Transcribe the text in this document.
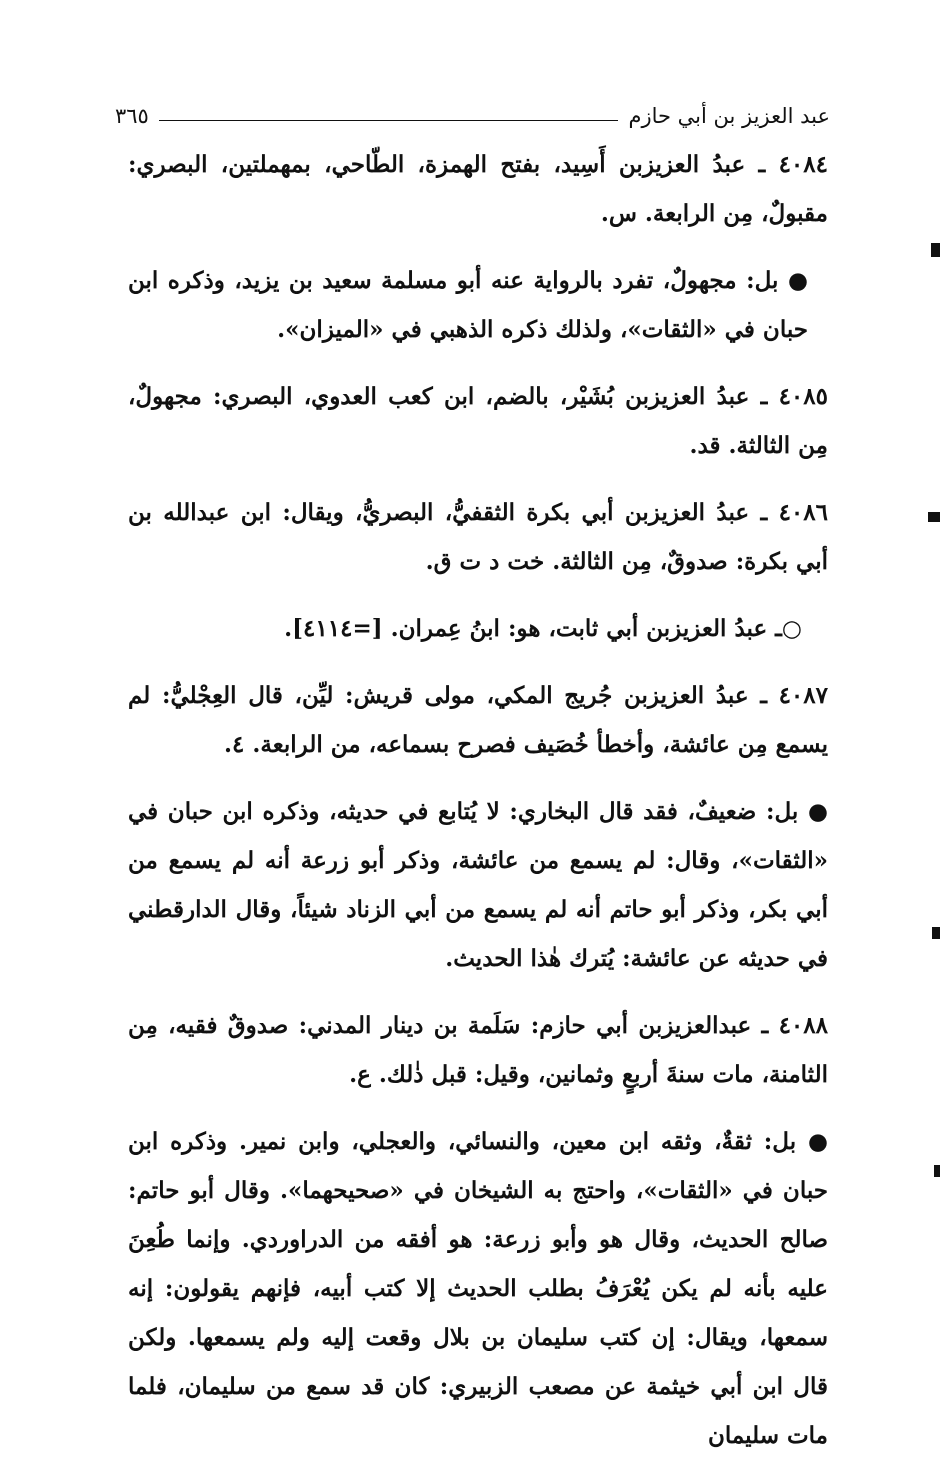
عبد العزيز بن أبي حازم
٣٦٥

٤٠٨٤ ـ عبدُ العزيزبن أَسِيد، بفتح الهمزة، الطّاحي، بمهملتين، البصري: مقبولٌ، مِن الرابعة. س.

● بل: مجهولٌ، تفرد بالرواية عنه أبو مسلمة سعيد بن يزيد، وذكره ابن حبان في «الثقات»، ولذلك ذكره الذهبي في «الميزان».

٤٠٨٥ ـ عبدُ العزيزبن بُشَيْر، بالضم، ابن كعب العدوي، البصري: مجهولٌ، مِن الثالثة. قد.

٤٠٨٦ ـ عبدُ العزيزبن أبي بكرة الثقفيُّ، البصريُّ، ويقال: ابن عبدالله بن أبي بكرة: صدوقٌ، مِن الثالثة. خت د ت ق.

○ـ عبدُ العزيزبن أبي ثابت، هو: ابنُ عِمران. [=٤١١٤].

٤٠٨٧ ـ عبدُ العزيزبن جُريج المكي، مولى قريش: ليِّن، قال العِجْليُّ: لم يسمع مِن عائشة، وأخطأ خُصَيف فصرح بسماعه، من الرابعة. ٤.

● بل: ضعيفٌ، فقد قال البخاري: لا يُتابع في حديثه، وذكره ابن حبان في «الثقات»، وقال: لم يسمع من عائشة، وذكر أبو زرعة أنه لم يسمع من أبي بكر، وذكر أبو حاتم أنه لم يسمع من أبي الزناد شيئاً، وقال الدارقطني في حديثه عن عائشة: يُترك هٰذا الحديث.

٤٠٨٨ ـ عبدالعزيزبن أبي حازم: سَلَمة بن دينار المدني: صدوقٌ فقيه، مِن الثامنة، مات سنةَ أربعٍ وثمانين، وقيل: قبل ذٰلك. ع.

● بل: ثقةٌ، وثقه ابن معين، والنسائي، والعجلي، وابن نمير. وذكره ابن حبان في «الثقات»، واحتج به الشيخان في «صحيحهما». وقال أبو حاتم: صالح الحديث، وقال هو وأبو زرعة: هو أفقه من الدراوردي. وإنما طُعِنَ عليه بأنه لم يكن يُعْرَفُ بطلب الحديث إلا كتب أبيه، فإنهم يقولون: إنه سمعها، ويقال: إن كتب سليمان بن بلال وقعت إليه ولم يسمعها. ولكن قال ابن أبي خيثمة عن مصعب الزبيري: كان قد سمع من سليمان، فلما مات سليمان
